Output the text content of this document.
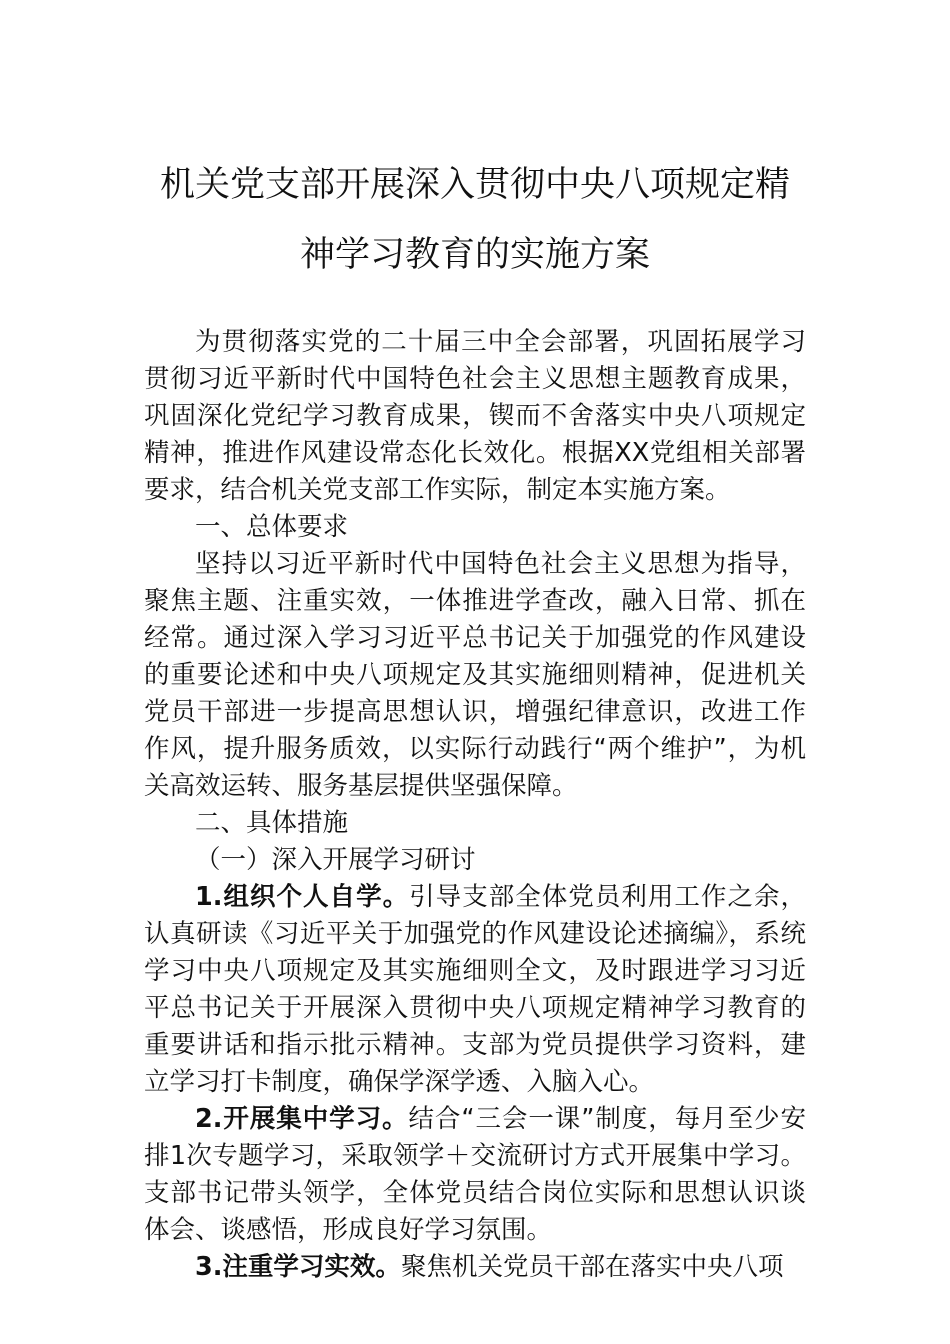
机关党支部开展深入贯彻中央八项规定精
神学习教育的实施方案

为贯彻落实党的二十届三中全会部署，巩固拓展学习贯彻习近平新时代中国特色社会主义思想主题教育成果，巩固深化党纪学习教育成果，锲而不舍落实中央八项规定精神，推进作风建设常态化长效化。根据XX党组相关部署要求，结合机关党支部工作实际，制定本实施方案。

一、总体要求

坚持以习近平新时代中国特色社会主义思想为指导，聚焦主题、注重实效，一体推进学查改，融入日常、抓在经常。通过深入学习习近平总书记关于加强党的作风建设的重要论述和中央八项规定及其实施细则精神，促进机关党员干部进一步提高思想认识，增强纪律意识，改进工作作风，提升服务质效，以实际行动践行“两个维护”，为机关高效运转、服务基层提供坚强保障。

二、具体措施

（一）深入开展学习研讨

1.组织个人自学。引导支部全体党员利用工作之余，认真研读《习近平关于加强党的作风建设论述摘编》，系统学习中央八项规定及其实施细则全文，及时跟进学习习近平总书记关于开展深入贯彻中央八项规定精神学习教育的重要讲话和指示批示精神。支部为党员提供学习资料，建立学习打卡制度，确保学深学透、入脑入心。

2.开展集中学习。结合“三会一课”制度，每月至少安排1次专题学习，采取领学＋交流研讨方式开展集中学习。支部书记带头领学，全体党员结合岗位实际和思想认识谈体会、谈感悟，形成良好学习氛围。

3.注重学习实效。聚焦机关党员干部在落实中央八项
